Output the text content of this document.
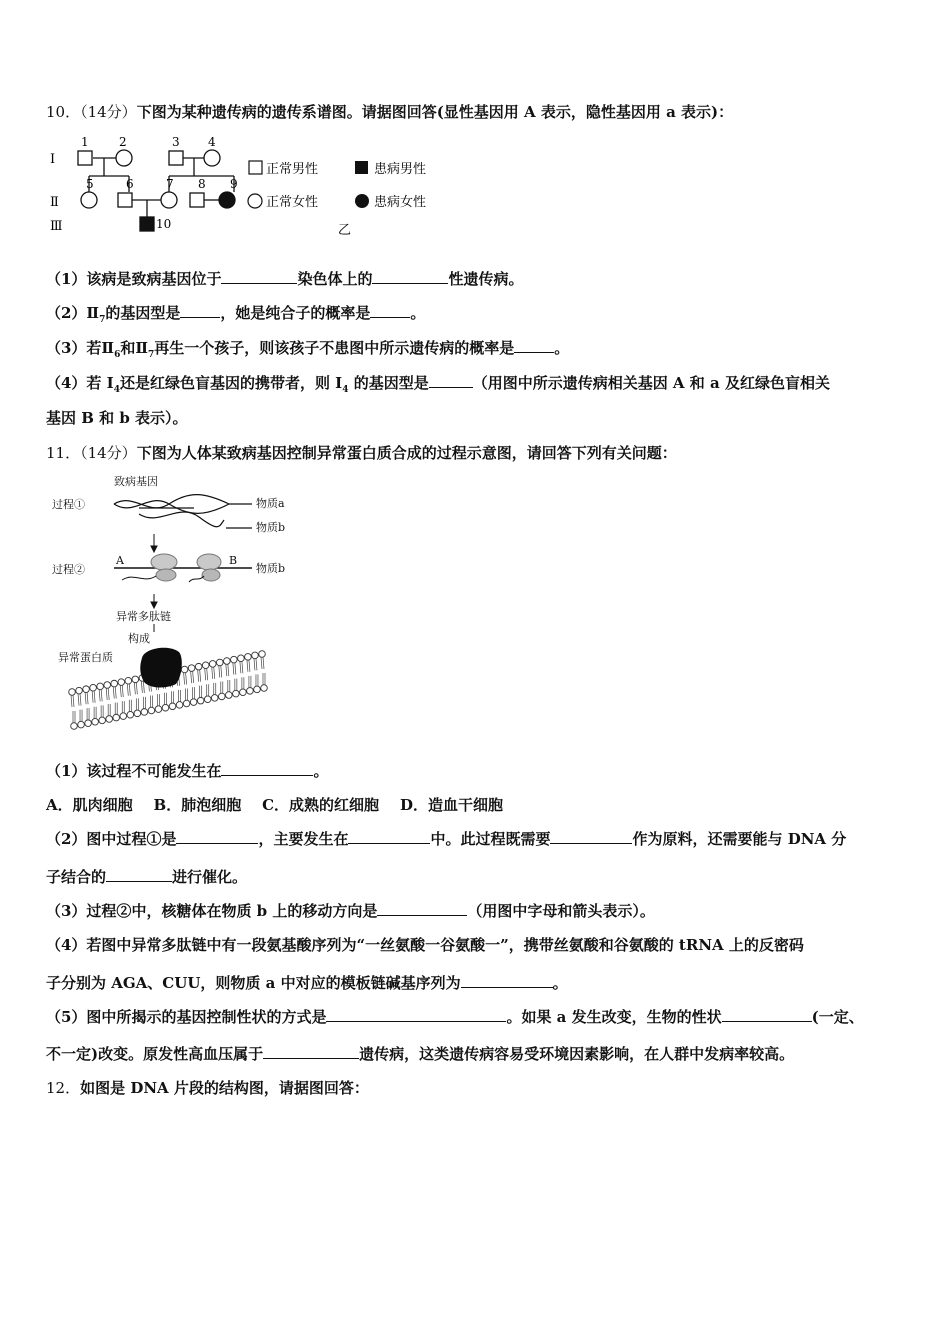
10．（14分）下图为某种遗传病的遗传系谱图。请据图回答(显性基因用 A 表示，隐性基因用 a 表示)：
Ⅰ
Ⅱ
Ⅲ
1	2	3 4
5	6	7 8 9
10
正常男性	患病男性
正常女性	患病女性
乙
（1）该病是致病基因位于	染色体上的	性遗传病。
$(2)Ⅱ_7$的基因型是	，她是纯合子的概率是	。
（3）若$Ⅱ_6$和$Ⅱ_7$再生一个孩子，则该孩子不患图中所示遗传病的概率是	。
（4）若 $I_4$还是红绿色盲基因的携带者，则 $I_4$ 的基因型是	（用图中所示遗传病相关基因 A 和 a 及红绿色盲相关
基因 B 和 b 表示）。
11．（14分）下图为人体某致病基因控制异常蛋白质合成的过程示意图，请回答下列有关问题：
致病基因
过程①	物质a
物质b
过程②
A	B
物质b
异常多肽链
构成
异常蛋白质
（1）该过程不可能发生在	。
A．肌肉细胞 B．肺泡细胞 C．成熟的红细胞 D．造血干细胞
（2）图中过程①是	，主要发生在	中。此过程既需要	作为原料，还需要能与 DNA 分
子结合的	进行催化。
（3）过程②中，核糖体在物质 b 上的移动方向是	（用图中字母和箭头表示）。
（4）若图中异常多肽链中有一段氨基酸序列为“一丝氨酸一谷氨酸一”，携带丝氨酸和谷氨酸的 tRNA 上的反密码
子分别为 AGA、CUU，则物质 a 中对应的模板链碱基序列为	。
（5）图中所揭示的基因控制性状的方式是	。如果 a 发生改变，生物的性状	(一定、
不一定)改变。原发性高血压属于	遗传病，这类遗传病容易受环境因素影响，在人群中发病率较高。
12．如图是 DNA 片段的结构图，请据图回答：
